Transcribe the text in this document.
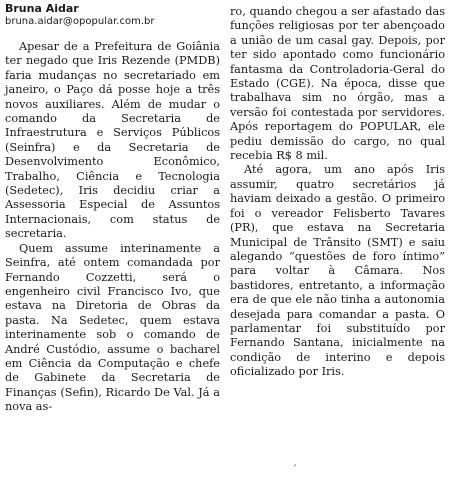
Bruna Aidar

bruna.aidar@opopular.com.br

Apesar de a Prefeitura de Goiânia ter negado que Iris Rezende (PMDB) faria mudanças no secretariado em janeiro, o Paço dá posse hoje a três novos auxiliares. Além de mudar o comando da Secretaria de Infraestrutura e Serviços Públicos (Seinfra) e da Secretaria de Desenvolvimento Econômico, Trabalho, Ciência e Tecnologia (Sedetec), Iris decidiu criar a Assessoria Especial de Assuntos Internacionais, com status de secretaria.

Quem assume interinamente a Seinfra, até ontem comandada por Fernando Cozzetti, será o engenheiro civil Francisco Ivo, que estava na Diretoria de Obras da pasta. Na Sedetec, quem estava interinamente sob o comando de André Custódio, assume o bacharel em Ciência da Computação e chefe de Gabinete da Secretaria de Finanças (Sefin), Ricardo De Val. Já a nova as-

ro, quando chegou a ser afastado das funções religiosas por ter abençoado a união de um casal gay. Depois, por ter sido apontado como funcionário fantasma da Controladoria-Geral do Estado (CGE). Na época, disse que trabalhava sim no órgão, mas a versão foi contestada por servidores. Após reportagem do POPULAR, ele pediu demissão do cargo, no qual recebia R$ 8 mil.

Até agora, um ano após Iris assumir, quatro secretários já haviam deixado a gestão. O primeiro foi o vereador Felisberto Tavares (PR), que estava na Secretaria Municipal de Trânsito (SMT) e saiu alegando “questões de foro íntimo” para voltar à Câmara. Nos bastidores, entretanto, a informação era de que ele não tinha a autonomia desejada para comandar a pasta. O parlamentar foi substituído por Fernando Santana, inicialmente na condição de interino e depois oficializado por Iris.

´
